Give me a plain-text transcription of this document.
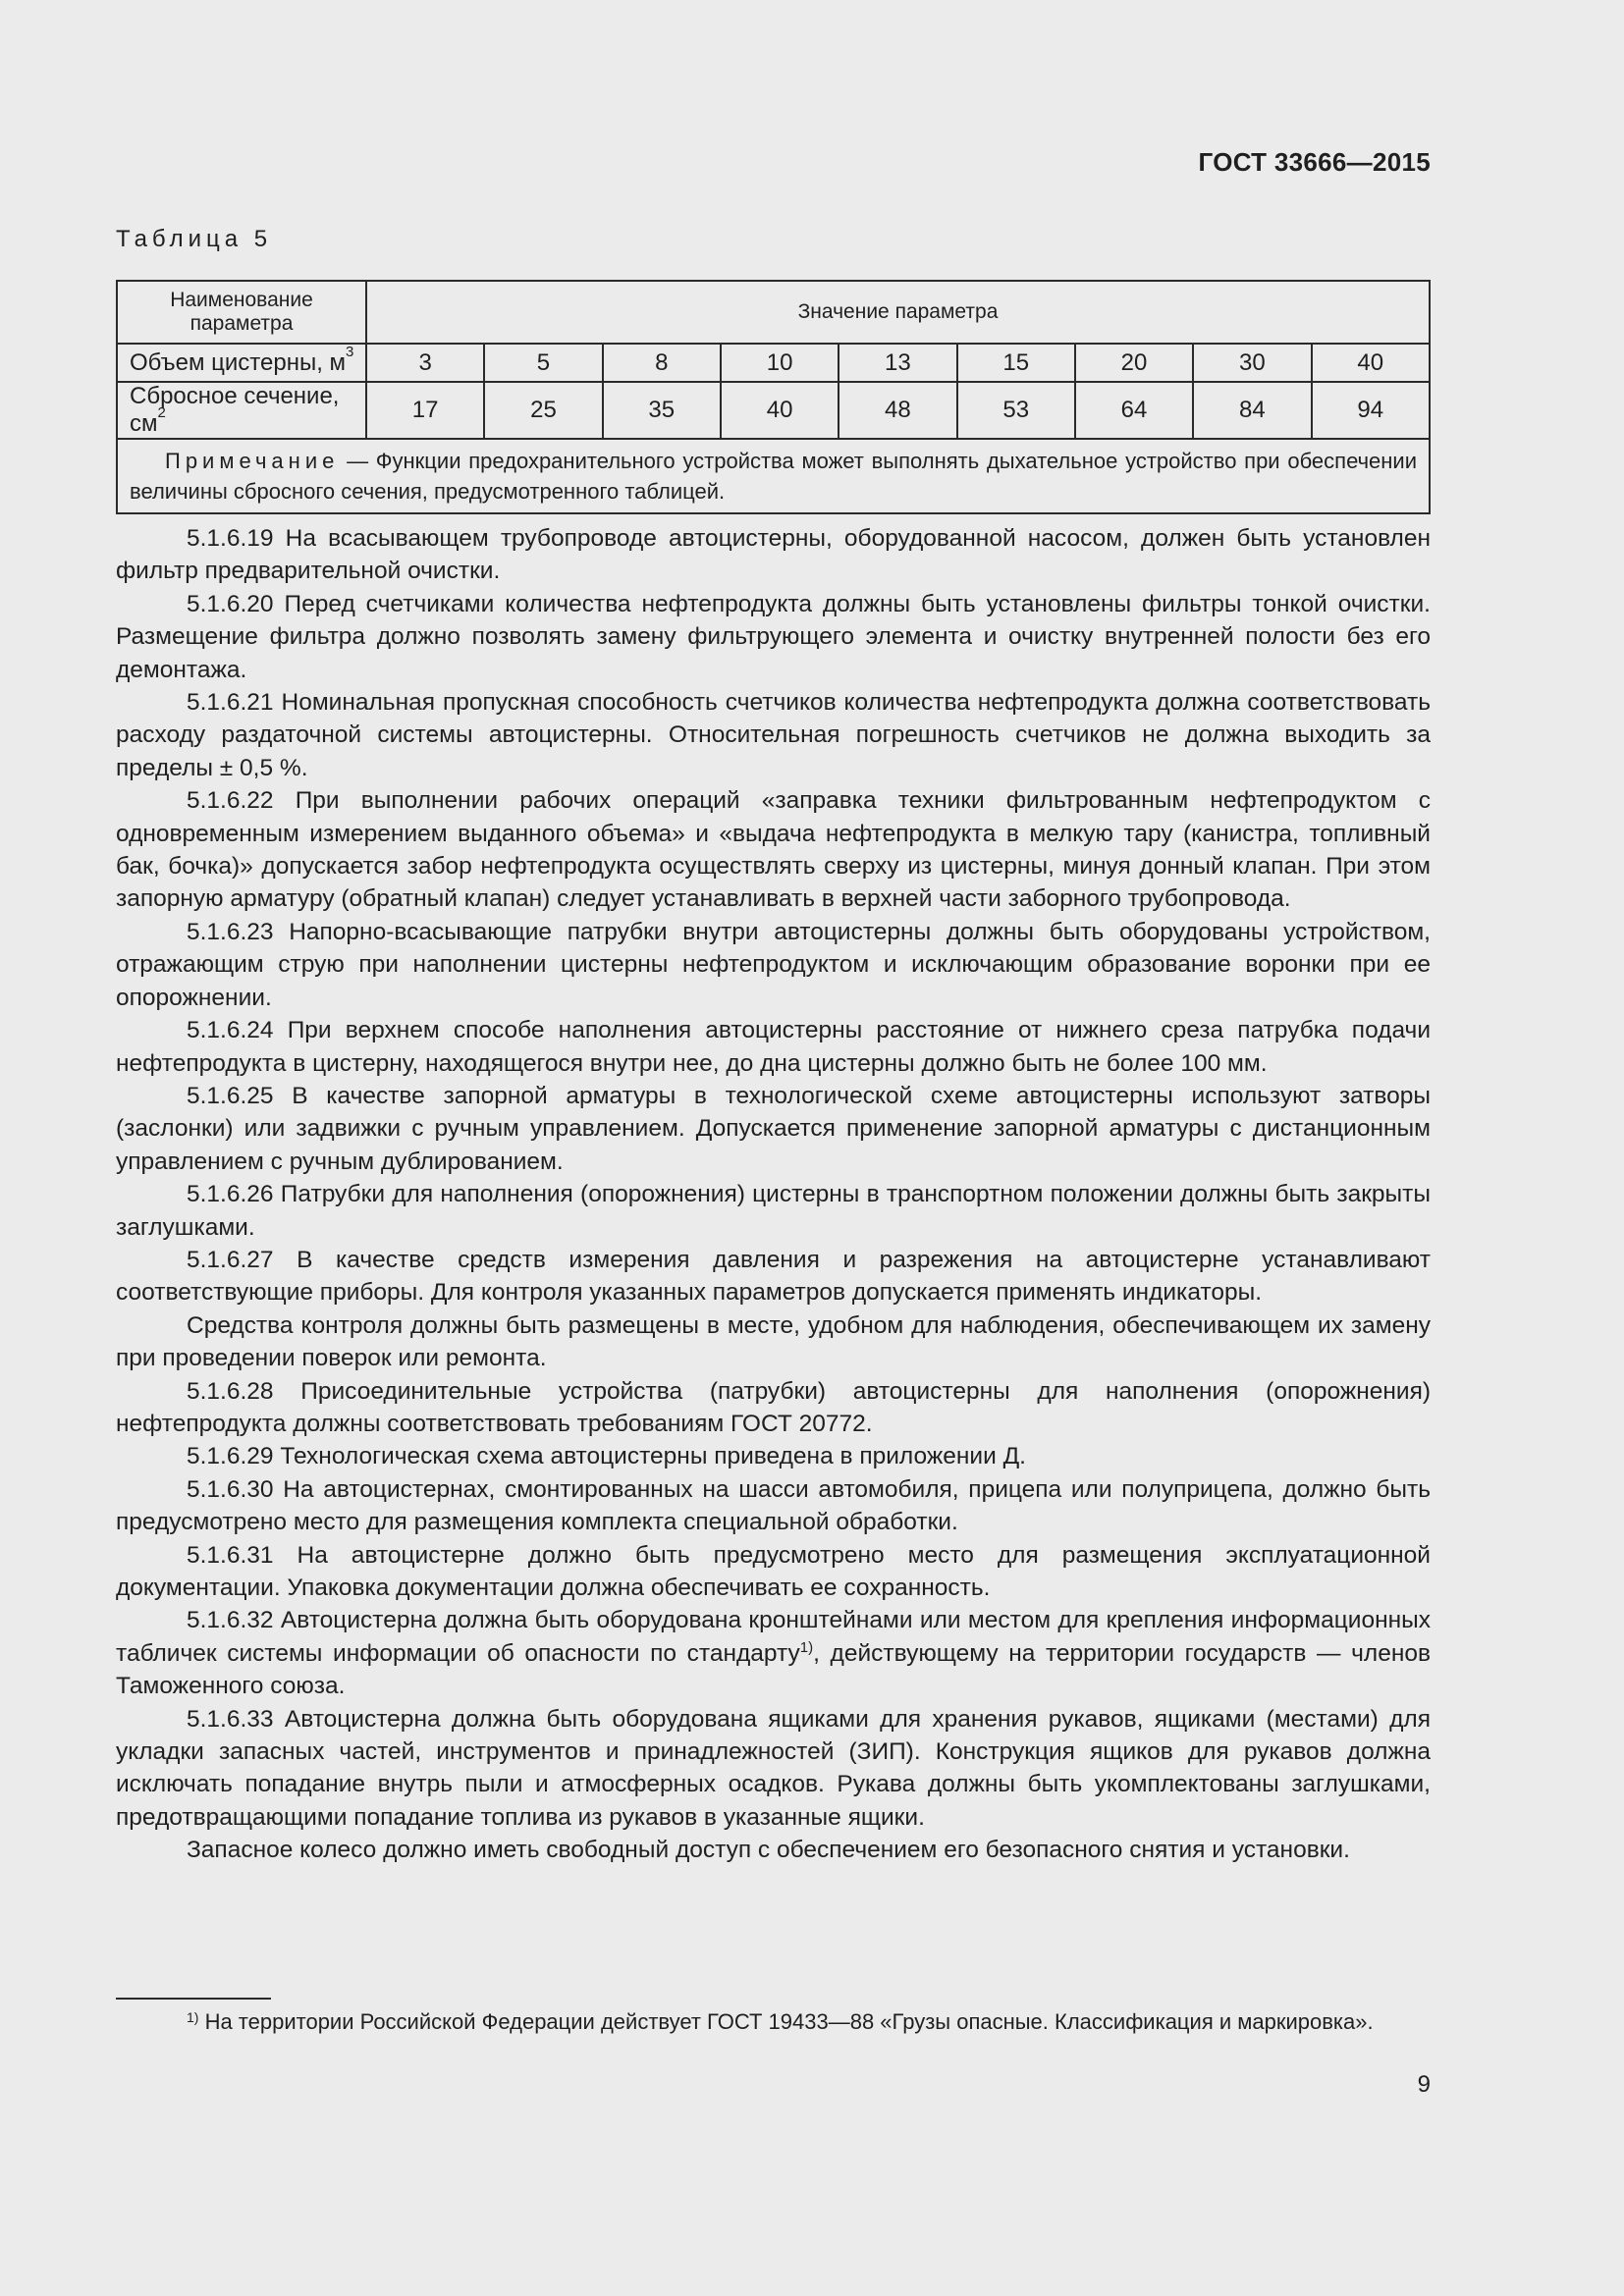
ГОСТ 33666—2015
Таблица 5
Наименование параметра	Значение параметра								
Объем цистерны, $м^3$	3	5	8	10	13	15	20	30	40
Сбросное сечение, $см^2$	17	25	35	40	48	53	64	84	94
Примечание — Функции предохранительного устройства может выполнять дыхательное устройство при обеспечении величины сбросного сечения, предусмотренного таблицей.									

5.1.6.19 На всасывающем трубопроводе автоцистерны, оборудованной насосом, должен быть установлен фильтр предварительной очистки.

5.1.6.20 Перед счетчиками количества нефтепродукта должны быть установлены фильтры тонкой очистки. Размещение фильтра должно позволять замену фильтрующего элемента и очистку внутренней полости без его демонтажа.

5.1.6.21 Номинальная пропускная способность счетчиков количества нефтепродукта должна соответствовать расходу раздаточной системы автоцистерны. Относительная погрешность счетчиков не должна выходить за пределы ± 0,5 %.

5.1.6.22 При выполнении рабочих операций «заправка техники фильтрованным нефтепродуктом с одновременным измерением выданного объема» и «выдача нефтепродукта в мелкую тару (канистра, топливный бак, бочка)» допускается забор нефтепродукта осуществлять сверху из цистерны, минуя донный клапан. При этом запорную арматуру (обратный клапан) следует устанавливать в верхней части заборного трубопровода.

5.1.6.23 Напорно-всасывающие патрубки внутри автоцистерны должны быть оборудованы устройством, отражающим струю при наполнении цистерны нефтепродуктом и исключающим образование воронки при ее опорожнении.

5.1.6.24 При верхнем способе наполнения автоцистерны расстояние от нижнего среза патрубка подачи нефтепродукта в цистерну, находящегося внутри нее, до дна цистерны должно быть не более 100 мм.

5.1.6.25 В качестве запорной арматуры в технологической схеме автоцистерны используют затворы (заслонки) или задвижки с ручным управлением. Допускается применение запорной арматуры с дистанционным управлением с ручным дублированием.

5.1.6.26 Патрубки для наполнения (опорожнения) цистерны в транспортном положении должны быть закрыты заглушками.

5.1.6.27 В качестве средств измерения давления и разрежения на автоцистерне устанавливают соответствующие приборы. Для контроля указанных параметров допускается применять индикаторы.

Средства контроля должны быть размещены в месте, удобном для наблюдения, обеспечивающем их замену при проведении поверок или ремонта.

5.1.6.28 Присоединительные устройства (патрубки) автоцистерны для наполнения (опорожнения) нефтепродукта должны соответствовать требованиям ГОСТ 20772.

5.1.6.29 Технологическая схема автоцистерны приведена в приложении Д.

5.1.6.30 На автоцистернах, смонтированных на шасси автомобиля, прицепа или полуприцепа, должно быть предусмотрено место для размещения комплекта специальной обработки.

5.1.6.31 На автоцистерне должно быть предусмотрено место для размещения эксплуатационной документации. Упаковка документации должна обеспечивать ее сохранность.

5.1.6.32 Автоцистерна должна быть оборудована кронштейнами или местом для крепления информационных табличек системы информации об опасности по стандарту$^{1)}$, действующему на территории государств — членов Таможенного союза.

5.1.6.33 Автоцистерна должна быть оборудована ящиками для хранения рукавов, ящиками (местами) для укладки запасных частей, инструментов и принадлежностей (ЗИП). Конструкция ящиков для рукавов должна исключать попадание внутрь пыли и атмосферных осадков. Рукава должны быть укомплектованы заглушками, предотвращающими попадание топлива из рукавов в указанные ящики.

Запасное колесо должно иметь свободный доступ с обеспечением его безопасного снятия и установки.

$^{1)}$ На территории Российской Федерации действует ГОСТ 19433—88 «Грузы опасные. Классификация и маркировка».
9
